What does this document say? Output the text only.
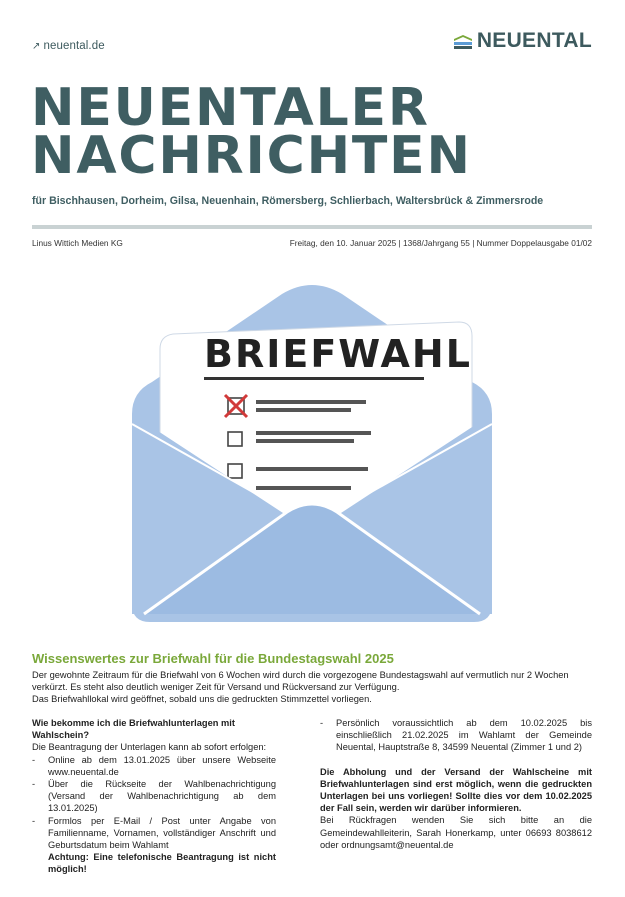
↗ neuental.de	NEUENTAL
NEUENTALER
NACHRICHTEN
für Bischhausen, Dorheim, Gilsa, Neuenhain, Römersberg, Schlierbach, Waltersbrück & Zimmersrode
Linus Wittich Medien KG	Freitag, den 10. Januar 2025 | 1368/Jahrgang 55 | Nummer Doppelausgabe 01/02
BRIEFWAHL
Wissenswertes zur Briefwahl für die Bundestagswahl 2025
Der gewohnte Zeitraum für die Briefwahl von 6 Wochen wird durch die vorgezogene Bundestagswahl auf vermutlich nur 2 Wochen verkürzt. Es steht also deutlich weniger Zeit für Versand und Rückversand zur Verfügung.
Das Briefwahllokal wird geöffnet, sobald uns die gedruckten Stimmzettel vorliegen.

Wie bekomme ich die Briefwahlunterlagen mit Wahlschein?

Die Beantragung der Unterlagen kann ab sofort erfolgen:

- Online ab dem 13.01.2025 über unsere Webseite www.neuental.de

- Über die Rückseite der Wahlbenachrichtigung (Versand der Wahlbenachrichtigung ab dem 13.01.2025)

- Formlos per E-Mail / Post unter Angabe von Familienname, Vornamen, vollständiger Anschrift und Geburtsdatum beim Wahlamt

Achtung: Eine telefonische Beantragung ist nicht möglich!

- Persönlich voraussichtlich ab dem 10.02.2025 bis einschließlich 21.02.2025 im Wahlamt der Gemeinde Neuental, Hauptstraße 8, 34599 Neuental (Zimmer 1 und 2)

Die Abholung und der Versand der Wahlscheine mit Briefwahlunterlagen sind erst möglich, wenn die gedruckten Unterlagen bei uns vorliegen! Sollte dies vor dem 10.02.2025 der Fall sein, werden wir darüber informieren.

Bei Rückfragen wenden Sie sich bitte an die Gemeindewahlleiterin, Sarah Honerkamp, unter 06693 8038612 oder ordnungsamt@neuental.de
